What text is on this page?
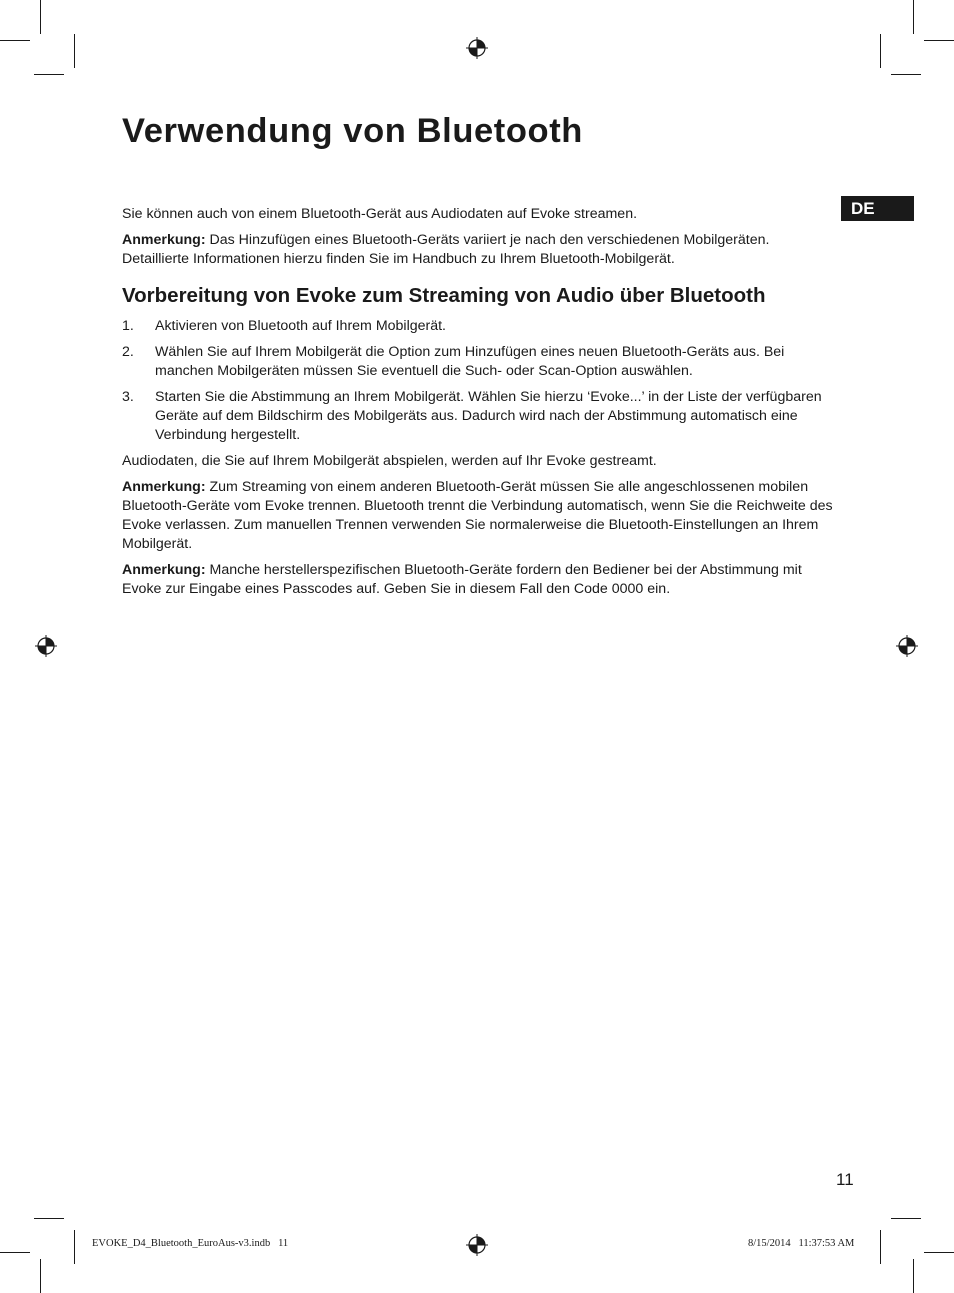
Verwendung von Bluetooth
DE

Sie können auch von einem Bluetooth-Gerät aus Audiodaten auf Evoke streamen.

Anmerkung: Das Hinzufügen eines Bluetooth-Geräts variiert je nach den verschiedenen Mobilgeräten. Detaillierte Informationen hierzu finden Sie im Handbuch zu Ihrem Bluetooth-Mobilgerät.

Vorbereitung von Evoke zum Streaming von Audio über Bluetooth
1.	Aktivieren von Bluetooth auf Ihrem Mobilgerät.
2.	Wählen Sie auf Ihrem Mobilgerät die Option zum Hinzufügen eines neuen Bluetooth-Geräts aus. Bei manchen Mobilgeräten müssen Sie eventuell die Such- oder Scan-Option auswählen.
3.	Starten Sie die Abstimmung an Ihrem Mobilgerät. Wählen Sie hierzu ‘Evoke...’ in der Liste der verfügbaren Geräte auf dem Bildschirm des Mobilgeräts aus. Dadurch wird nach der Abstimmung automatisch eine Verbindung hergestellt.

Audiodaten, die Sie auf Ihrem Mobilgerät abspielen, werden auf Ihr Evoke gestreamt.

Anmerkung: Zum Streaming von einem anderen Bluetooth-Gerät müssen Sie alle angeschlossenen mobilen Bluetooth-Geräte vom Evoke trennen. Bluetooth trennt die Verbindung automatisch, wenn Sie die Reichweite des Evoke verlassen. Zum manuellen Trennen verwenden Sie normalerweise die Bluetooth-Einstellungen an Ihrem Mobilgerät.

Anmerkung: Manche herstellerspezifischen Bluetooth-Geräte fordern den Bediener bei der Abstimmung mit Evoke zur Eingabe eines Passcodes auf. Geben Sie in diesem Fall den Code 0000 ein.

11
EVOKE_D4_Bluetooth_EuroAus-v3.indb   11	8/15/2014   11:37:53 AM
